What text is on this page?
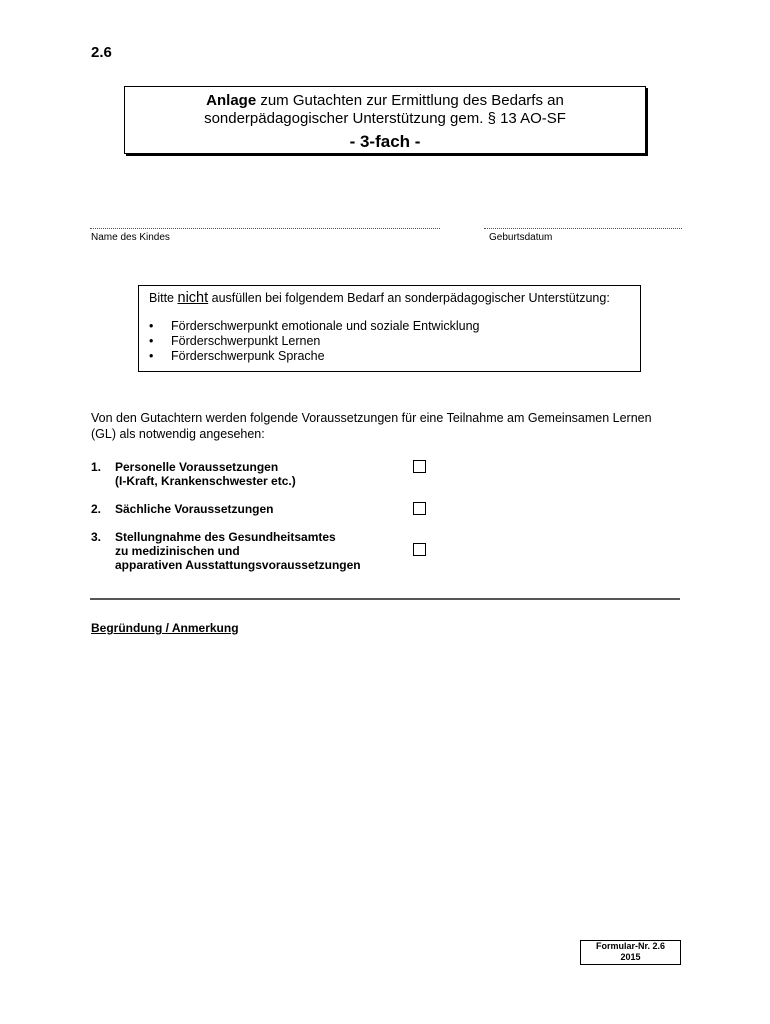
2.6
Anlage zum Gutachten zur Ermittlung des Bedarfs an
sonderpädagogischer Unterstützung gem. § 13 AO-SF
- 3-fach -
Name des Kindes	Geburtsdatum
Bitte nicht ausfüllen bei folgendem Bedarf an sonderpädagogischer Unterstützung:
• Förderschwerpunkt emotionale und soziale Entwicklung
• Förderschwerpunkt Lernen
• Förderschwerpunk Sprache
Von den Gutachtern werden folgende Voraussetzungen für eine Teilnahme am Gemeinsamen Lernen
(GL) als notwendig angesehen:
1. Personelle Voraussetzungen
(I-Kraft, Krankenschwester etc.)
2. Sächliche Voraussetzungen
3. Stellungnahme des Gesundheitsamtes
zu medizinischen und
apparativen Ausstattungsvoraussetzungen
Begründung / Anmerkung
Formular-Nr. 2.6
2015
